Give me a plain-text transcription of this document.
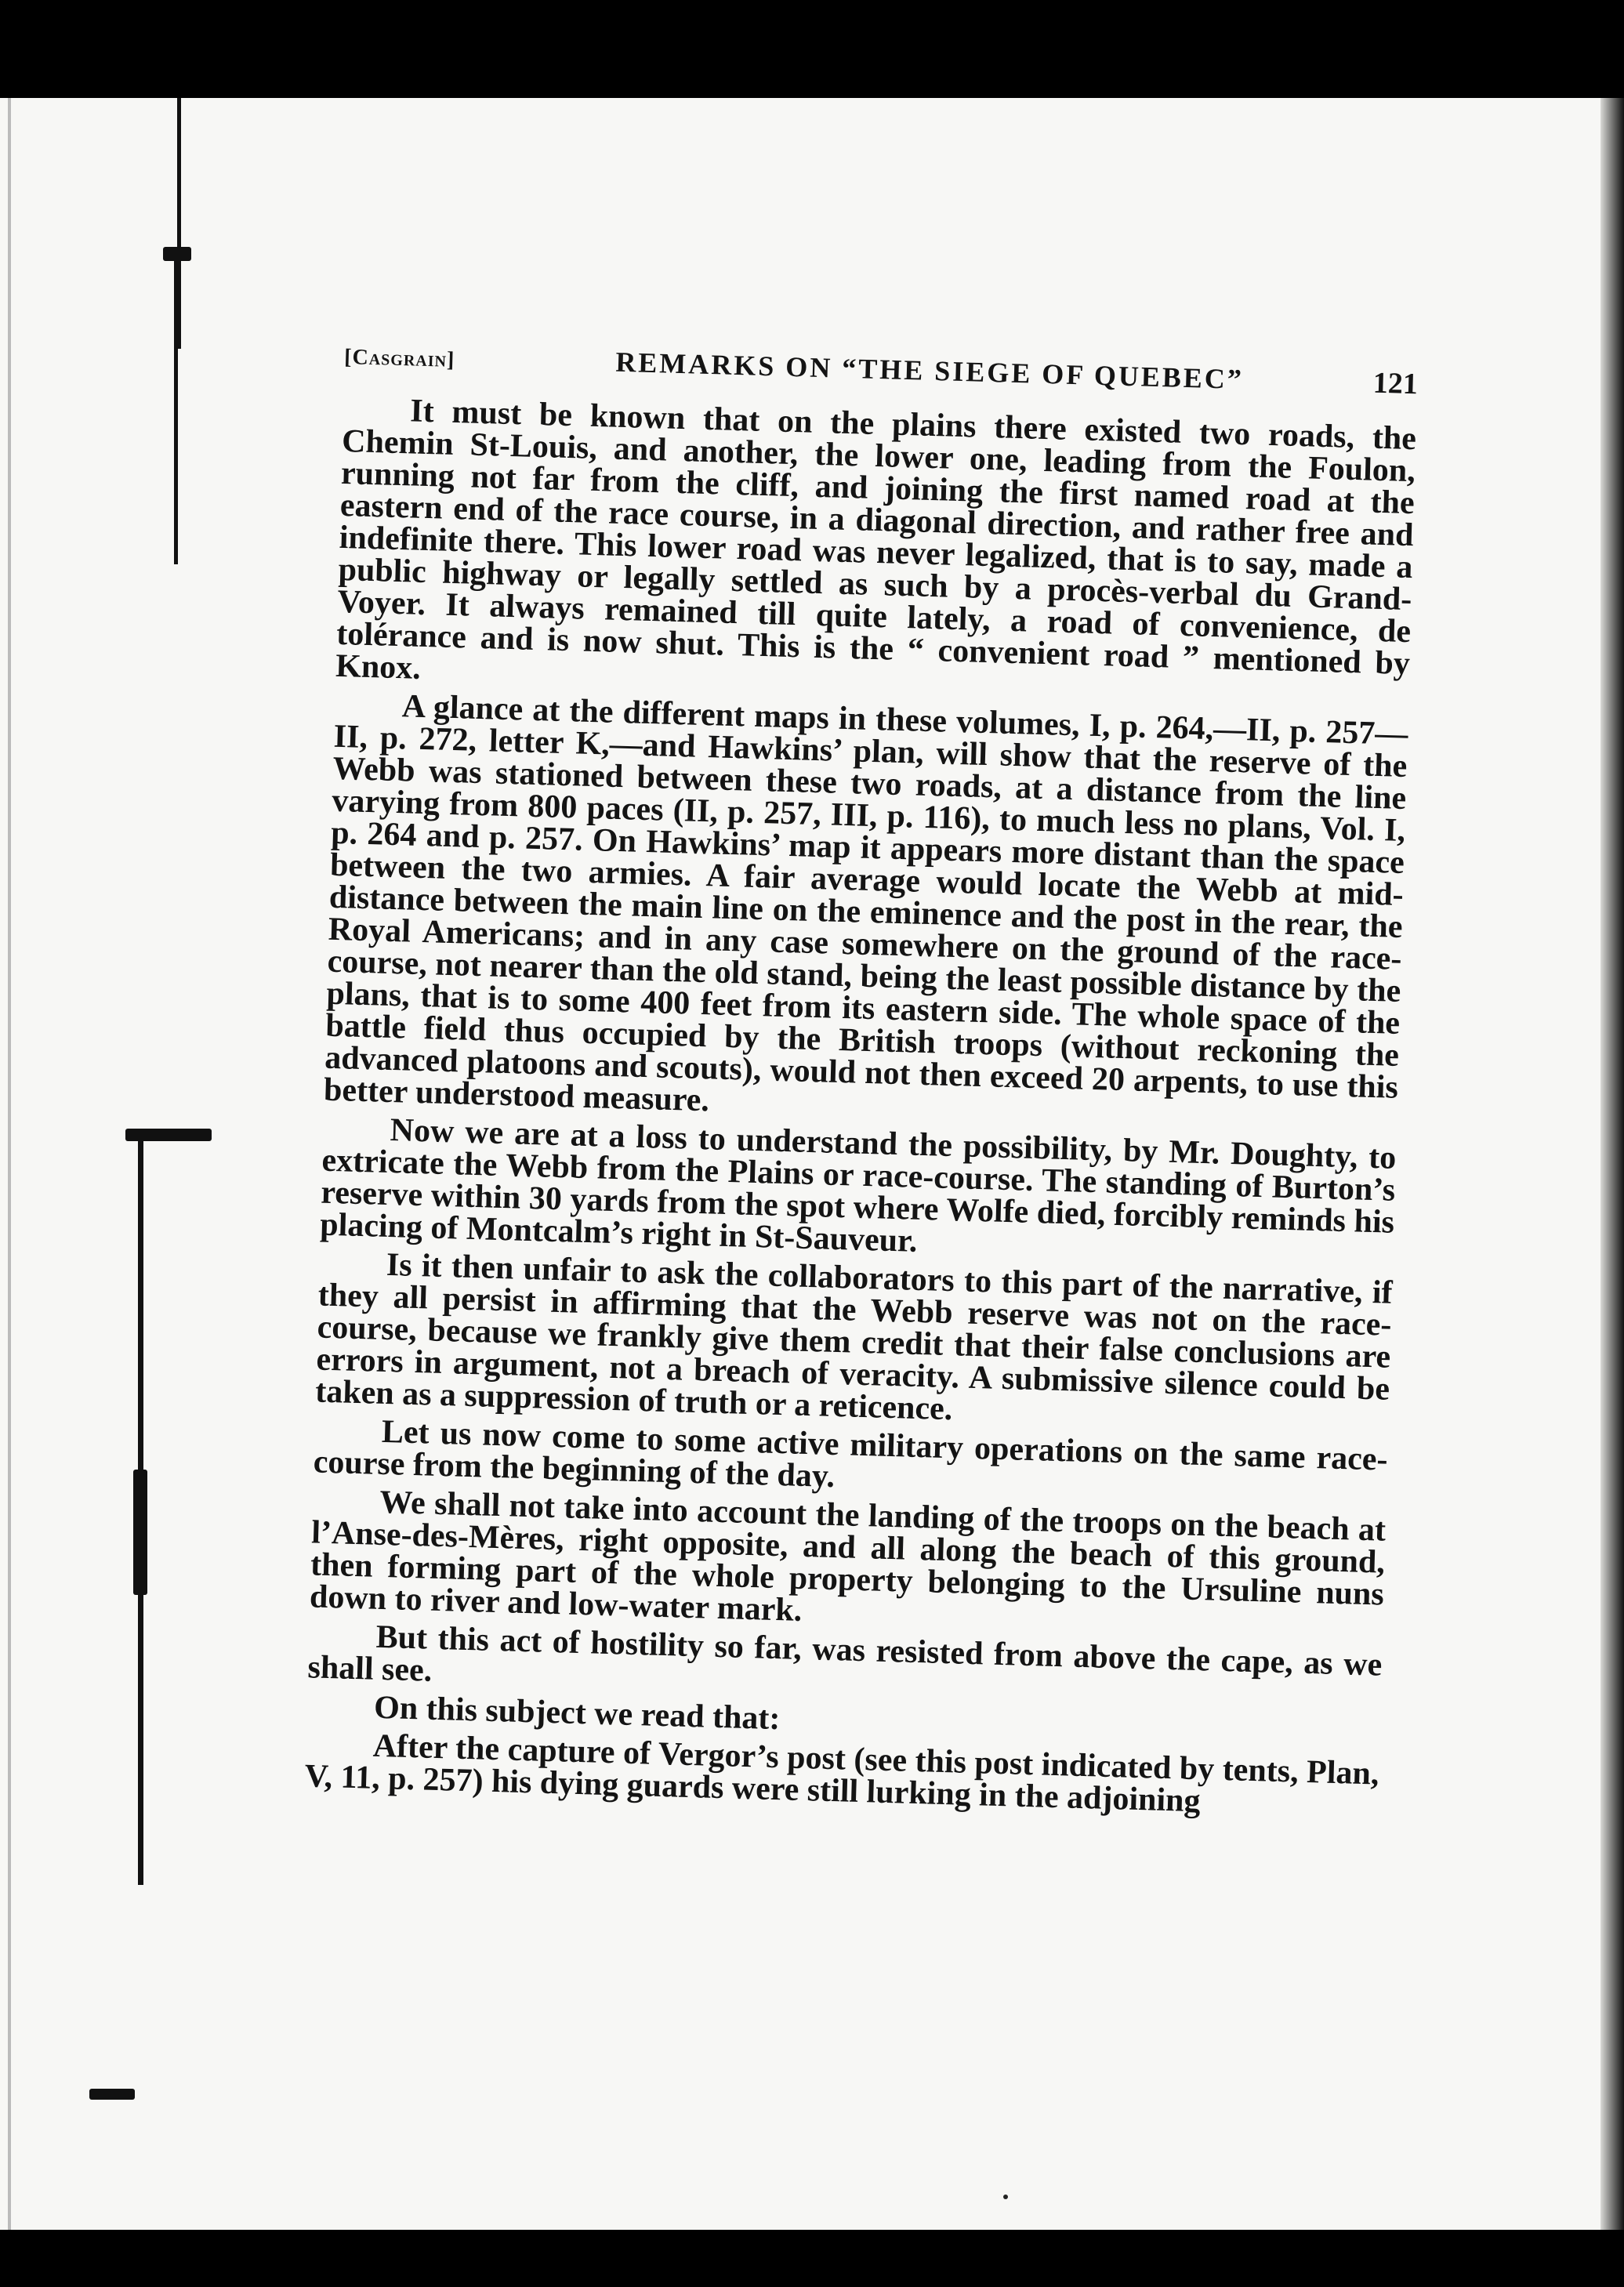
[Casgrain]	REMARKS ON “THE SIEGE OF QUEBEC”	121

It must be known that on the plains there existed two roads, the Chemin St-Louis, and another, the lower one, leading from the Foulon, running not far from the cliff, and joining the first named road at the eastern end of the race course, in a diagonal direction, and rather free and indefinite there. This lower road was never legalized, that is to say, made a public highway or legally settled as such by a procès-verbal du Grand-Voyer. It always remained till quite lately, a road of convenience, de tolérance and is now shut. This is the “ convenient road ” mentioned by Knox.

A glance at the different maps in these volumes, I, p. 264,—II, p. 257—II, p. 272, letter K,—and Hawkins’ plan, will show that the reserve of the Webb was stationed between these two roads, at a distance from the line varying from 800 paces (II, p. 257, III, p. 116), to much less no plans, Vol. I, p. 264 and p. 257. On Hawkins’ map it appears more distant than the space between the two armies. A fair average would locate the Webb at mid-distance between the main line on the eminence and the post in the rear, the Royal Americans; and in any case somewhere on the ground of the race-course, not nearer than the old stand, being the least possible distance by the plans, that is to some 400 feet from its eastern side. The whole space of the battle field thus occupied by the British troops (without reckoning the advanced platoons and scouts), would not then exceed 20 arpents, to use this better understood measure.

Now we are at a loss to understand the possibility, by Mr. Doughty, to extricate the Webb from the Plains or race-course. The standing of Burton’s reserve within 30 yards from the spot where Wolfe died, forcibly reminds his placing of Montcalm’s right in St-Sauveur.

Is it then unfair to ask the collaborators to this part of the narrative, if they all persist in affirming that the Webb reserve was not on the race-course, because we frankly give them credit that their false conclusions are errors in argument, not a breach of veracity. A submissive silence could be taken as a suppression of truth or a reticence.

Let us now come to some active military operations on the same race-course from the beginning of the day.

We shall not take into account the landing of the troops on the beach at l’Anse-des-Mères, right opposite, and all along the beach of this ground, then forming part of the whole property belonging to the Ursuline nuns down to river and low-water mark.

But this act of hostility so far, was resisted from above the cape, as we shall see.

On this subject we read that:

After the capture of Vergor’s post (see this post indicated by tents, Plan, V, 11, p. 257) his dying guards were still lurking in the adjoining
